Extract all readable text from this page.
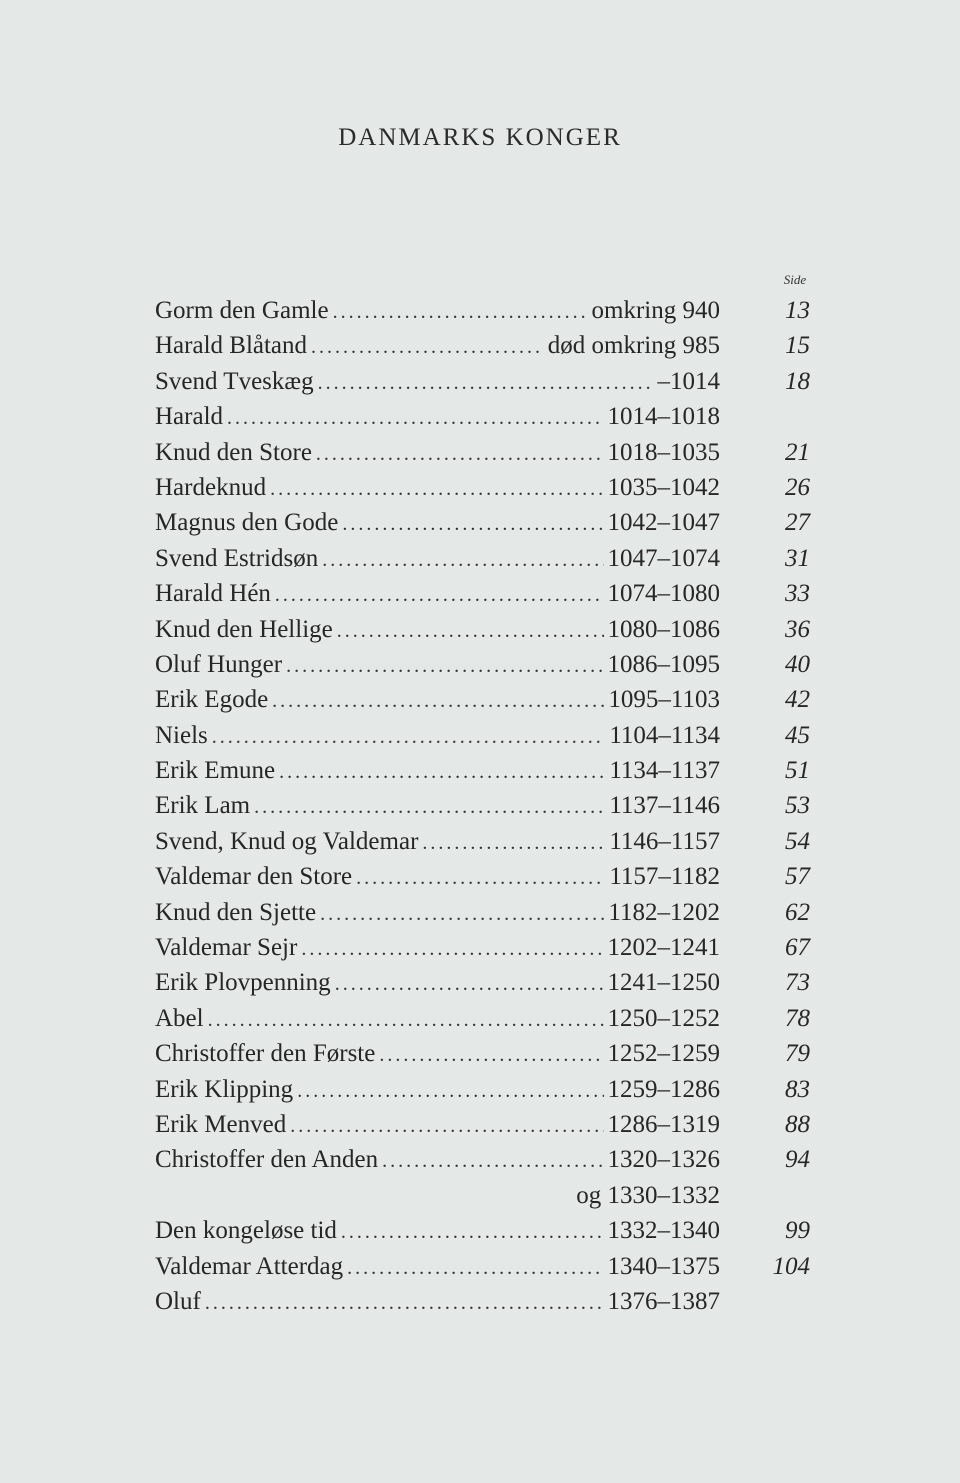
DANMARKS KONGER
Side
Gorm den Gamle . . .	omkring 940	13
Harald Blåtand . . .	død omkring 985	15
Svend Tveskæg . . .	–1014	18
Harald . . .	1014–1018
Knud den Store . . .	1018–1035	21
Hardeknud . . .	1035–1042	26
Magnus den Gode . . .	1042–1047	27
Svend Estridsøn . . .	1047–1074	31
Harald Hén . . .	1074–1080	33
Knud den Hellige . . .	1080–1086	36
Oluf Hunger . . .	1086–1095	40
Erik Egode . . .	1095–1103	42
Niels . . .	1104–1134	45
Erik Emune . . .	1134–1137	51
Erik Lam . . .	1137–1146	53
Svend, Knud og Valdemar . . .	1146–1157	54
Valdemar den Store . . .	1157–1182	57
Knud den Sjette . . .	1182–1202	62
Valdemar Sejr . . .	1202–1241	67
Erik Plovpenning . . .	1241–1250	73
Abel . . .	1250–1252	78
Christoffer den Første . . .	1252–1259	79
Erik Klipping . . .	1259–1286	83
Erik Menved . . .	1286–1319	88
Christoffer den Anden . . .	1320–1326	94
og 1330–1332
Den kongeløse tid . . .	1332–1340	99
Valdemar Atterdag . . .	1340–1375	104
Oluf . . .	1376–1387
